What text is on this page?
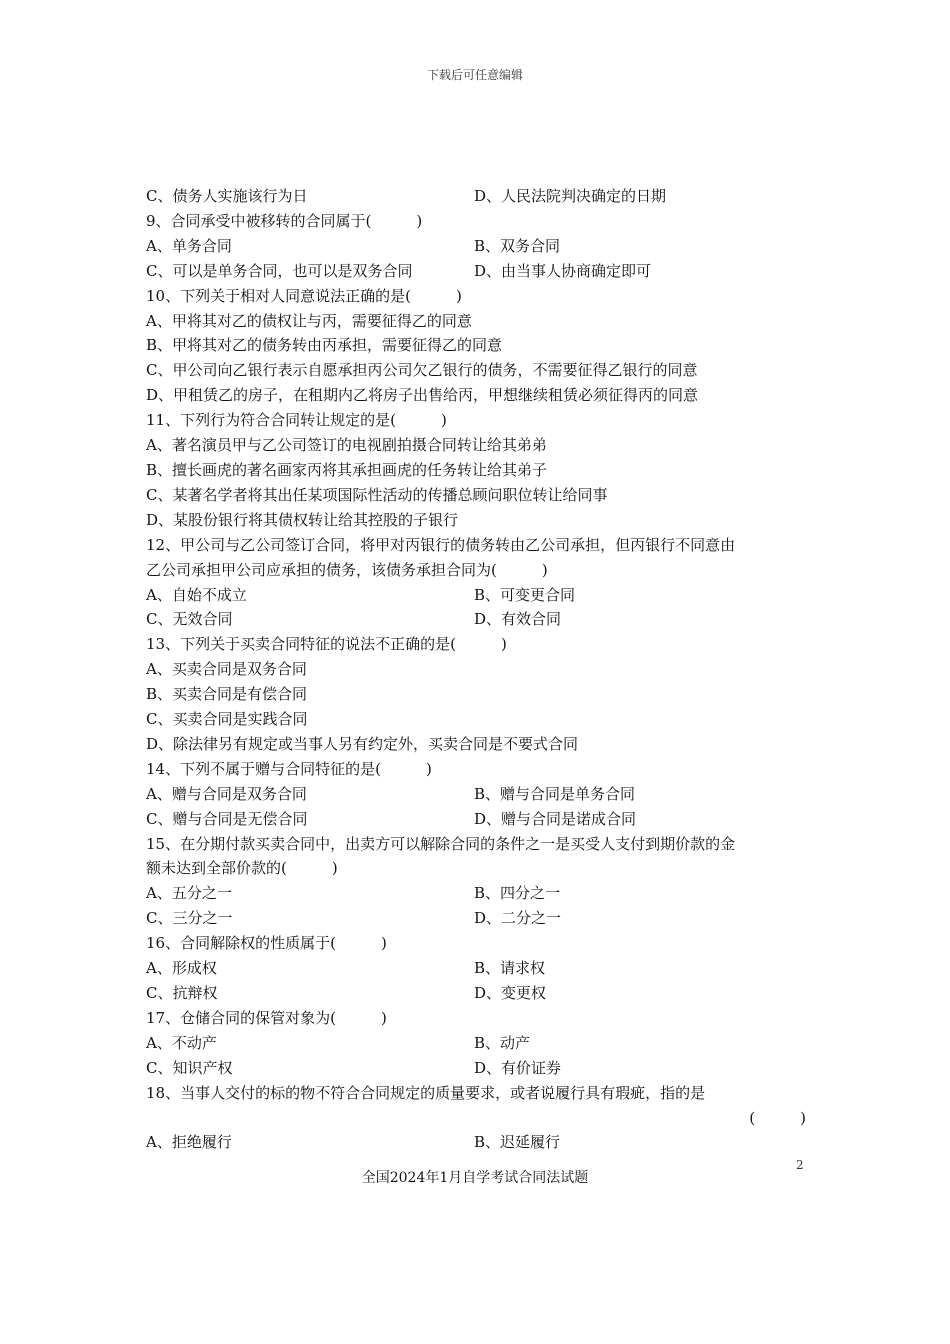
下载后可任意编辑
C、债务人实施该行为日	D、人民法院判决确定的日期
9、合同承受中被移转的合同属于(　　　)
A、单务合同	B、双务合同
C、可以是单务合同，也可以是双务合同	D、由当事人协商确定即可
10、下列关于相对人同意说法正确的是(　　　)
A、甲将其对乙的债权让与丙，需要征得乙的同意
B、甲将其对乙的债务转由丙承担，需要征得乙的同意
C、甲公司向乙银行表示自愿承担丙公司欠乙银行的债务，不需要征得乙银行的同意
D、甲租赁乙的房子，在租期内乙将房子出售给丙，甲想继续租赁必须征得丙的同意
11、下列行为符合合同转让规定的是(　　　)
A、著名演员甲与乙公司签订的电视剧拍摄合同转让给其弟弟
B、擅长画虎的著名画家丙将其承担画虎的任务转让给其弟子
C、某著名学者将其出任某项国际性活动的传播总顾问职位转让给同事
D、某股份银行将其债权转让给其控股的子银行
12、甲公司与乙公司签订合同，将甲对丙银行的债务转由乙公司承担，但丙银行不同意由
乙公司承担甲公司应承担的债务，该债务承担合同为(　　　)
A、自始不成立	B、可变更合同
C、无效合同	D、有效合同
13、下列关于买卖合同特征的说法不正确的是(　　　)
A、买卖合同是双务合同
B、买卖合同是有偿合同
C、买卖合同是实践合同
D、除法律另有规定或当事人另有约定外，买卖合同是不要式合同
14、下列不属于赠与合同特征的是(　　　)
A、赠与合同是双务合同	B、赠与合同是单务合同
C、赠与合同是无偿合同	D、赠与合同是诺成合同
15、在分期付款买卖合同中，出卖方可以解除合同的条件之一是买受人支付到期价款的金
额未达到全部价款的(　　　)
A、五分之一	B、四分之一
C、三分之一	D、二分之一
16、合同解除权的性质属于(　　　)
A、形成权	B、请求权
C、抗辩权	D、变更权
17、仓储合同的保管对象为(　　　)
A、不动产	B、动产
C、知识产权	D、有价证券
18、当事人交付的标的物不符合合同规定的质量要求，或者说履行具有瑕疵，指的是
(　　　)
A、拒绝履行	B、迟延履行
2
全国2024年1月自学考试合同法试题
